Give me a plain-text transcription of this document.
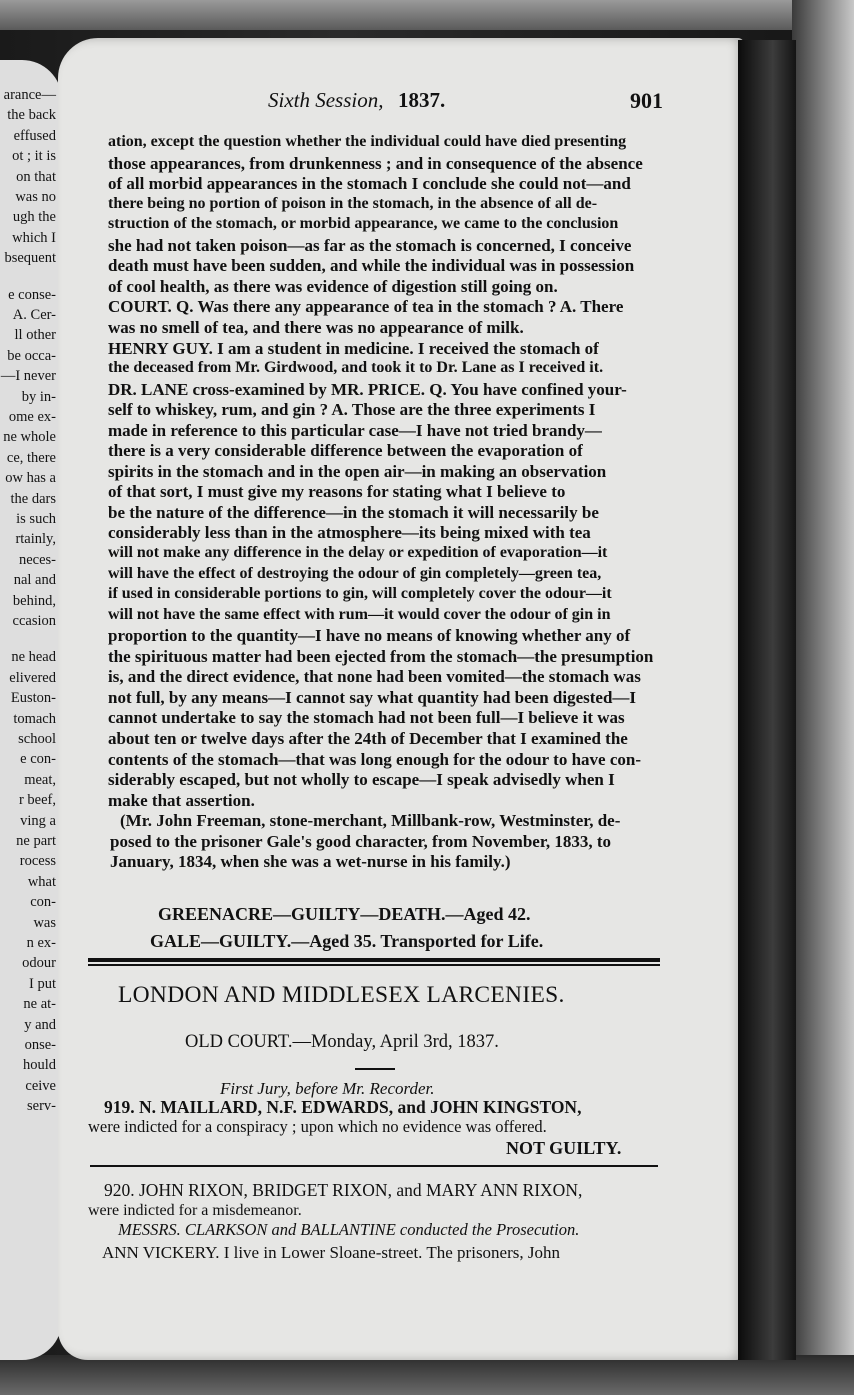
arance—
the back
effused
ot ; it is
on that
was no
ugh the
which I
bsequent
e conse-
A. Cer-
ll other
be occa-
—I never
by in-
ome ex-
ne whole
ce, there
ow has a
the dars
is such
rtainly,
neces-
nal and
behind,
ccasion
ne head
elivered
Euston-
tomach
school
e con-
meat,
r beef,
ving a
ne part
rocess
what
con-
was
n ex-
odour
I put
ne at-
y and
onse-
hould
ceive
serv-
Sixth Session, 1837.	901
ation, except the question whether the individual could have died presenting
those appearances, from drunkenness ; and in consequence of the absence
of all morbid appearances in the stomach I conclude she could not—and
there being no portion of poison in the stomach, in the absence of all de-
struction of the stomach, or morbid appearance, we came to the conclusion
she had not taken poison—as far as the stomach is concerned, I conceive
death must have been sudden, and while the individual was in possession
of cool health, as there was evidence of digestion still going on.
COURT. Q. Was there any appearance of tea in the stomach ? A. There
was no smell of tea, and there was no appearance of milk.
HENRY GUY. I am a student in medicine. I received the stomach of
the deceased from Mr. Girdwood, and took it to Dr. Lane as I received it.
DR. LANE cross-examined by MR. PRICE. Q. You have confined your-
self to whiskey, rum, and gin ? A. Those are the three experiments I
made in reference to this particular case—I have not tried brandy—
there is a very considerable difference between the evaporation of
spirits in the stomach and in the open air—in making an observation
of that sort, I must give my reasons for stating what I believe to
be the nature of the difference—in the stomach it will necessarily be
considerably less than in the atmosphere—its being mixed with tea
will not make any difference in the delay or expedition of evaporation—it
will have the effect of destroying the odour of gin completely—green tea,
if used in considerable portions to gin, will completely cover the odour—it
will not have the same effect with rum—it would cover the odour of gin in
proportion to the quantity—I have no means of knowing whether any of
the spirituous matter had been ejected from the stomach—the presumption
is, and the direct evidence, that none had been vomited—the stomach was
not full, by any means—I cannot say what quantity had been digested—I
cannot undertake to say the stomach had not been full—I believe it was
about ten or twelve days after the 24th of December that I examined the
contents of the stomach—that was long enough for the odour to have con-
siderably escaped, but not wholly to escape—I speak advisedly when I
make that assertion.
(Mr. John Freeman, stone-merchant, Millbank-row, Westminster, de-
posed to the prisoner Gale's good character, from November, 1833, to
January, 1834, when she was a wet-nurse in his family.)
GREENACRE—GUILTY—DEATH.—Aged 42.
GALE—GUILTY.—Aged 35. Transported for Life.
LONDON AND MIDDLESEX LARCENIES.
OLD COURT.—Monday, April 3rd, 1837.
First Jury, before Mr. Recorder.
919. N. MAILLARD, N.F. EDWARDS, and JOHN KINGSTON,
were indicted for a conspiracy ; upon which no evidence was offered.
NOT GUILTY.
920. JOHN RIXON, BRIDGET RIXON, and MARY ANN RIXON,
were indicted for a misdemeanor.
MESSRS. CLARKSON and BALLANTINE conducted the Prosecution.
ANN VICKERY. I live in Lower Sloane-street. The prisoners, John
